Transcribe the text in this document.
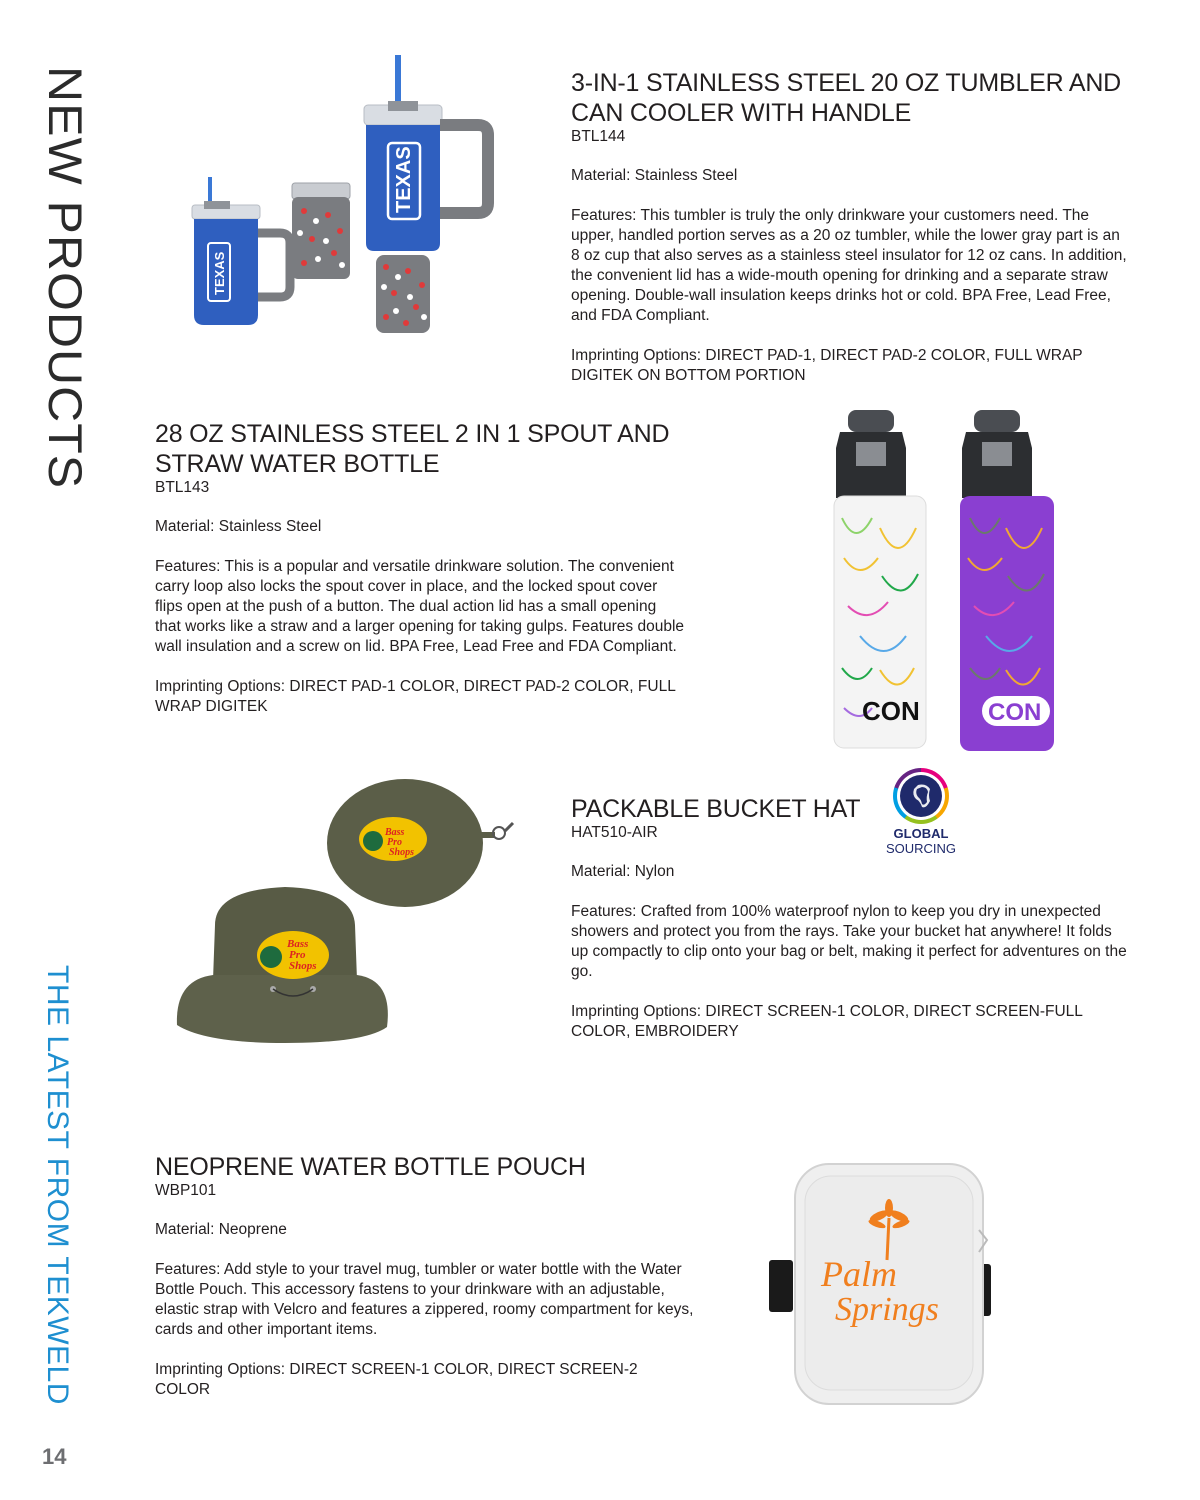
NEW PRODUCTS
THE LATEST FROM TEKWELD
14
TEXAS
TEXAS
3-IN-1 STAINLESS STEEL 20 OZ TUMBLER AND
CAN COOLER WITH HANDLE
BTL144
Material: Stainless Steel
Features: This tumbler is truly the only drinkware your customers need. The upper, handled portion serves as a 20 oz tumbler, while the lower gray part is an 8 oz cup that also serves as a stainless steel insulator for 12 oz cans. In addition, the convenient lid has a wide-mouth opening for drinking and a separate straw opening. Double-wall insulation keeps drinks hot or cold. BPA Free, Lead Free, and FDA Compliant.
Imprinting Options: DIRECT PAD-1, DIRECT PAD-2 COLOR, FULL WRAP DIGITEK ON BOTTOM PORTION
28 OZ STAINLESS STEEL 2 IN 1 SPOUT AND
STRAW WATER BOTTLE
BTL143
Material: Stainless Steel
Features: This is a popular and versatile drinkware solution. The convenient carry loop also locks the spout cover in place, and the locked spout cover flips open at the push of a button. The dual action lid has a small opening that works like a straw and a larger opening for taking gulps. Features double wall insulation and a screw on lid. BPA Free, Lead Free and FDA Compliant.
Imprinting Options: DIRECT PAD-1 COLOR, DIRECT PAD-2 COLOR, FULL WRAP DIGITEK	CON	CON
Bass
Pro
Shops
Bass
Pro
Shops
PACKABLE BUCKET HAT
HAT510-AIR
Material: Nylon
Features: Crafted from 100% waterproof nylon to keep you dry in unexpected showers and protect you from the rays. Take your bucket hat anywhere! It folds up compactly to clip onto your bag or belt, making it perfect for adventures on the go.
Imprinting Options: DIRECT SCREEN-1 COLOR, DIRECT SCREEN-FULL COLOR, EMBROIDERY
GLOBAL
SOURCING
NEOPRENE WATER BOTTLE POUCH
WBP101
Material: Neoprene
Features: Add style to your travel mug, tumbler or water bottle with the Water Bottle Pouch. This accessory fastens to your drinkware with an adjustable, elastic strap with Velcro and features a zippered, roomy compartment for keys, cards and other important items.
Imprinting Options: DIRECT SCREEN-1 COLOR, DIRECT SCREEN-2 COLOR
Palm
Springs
